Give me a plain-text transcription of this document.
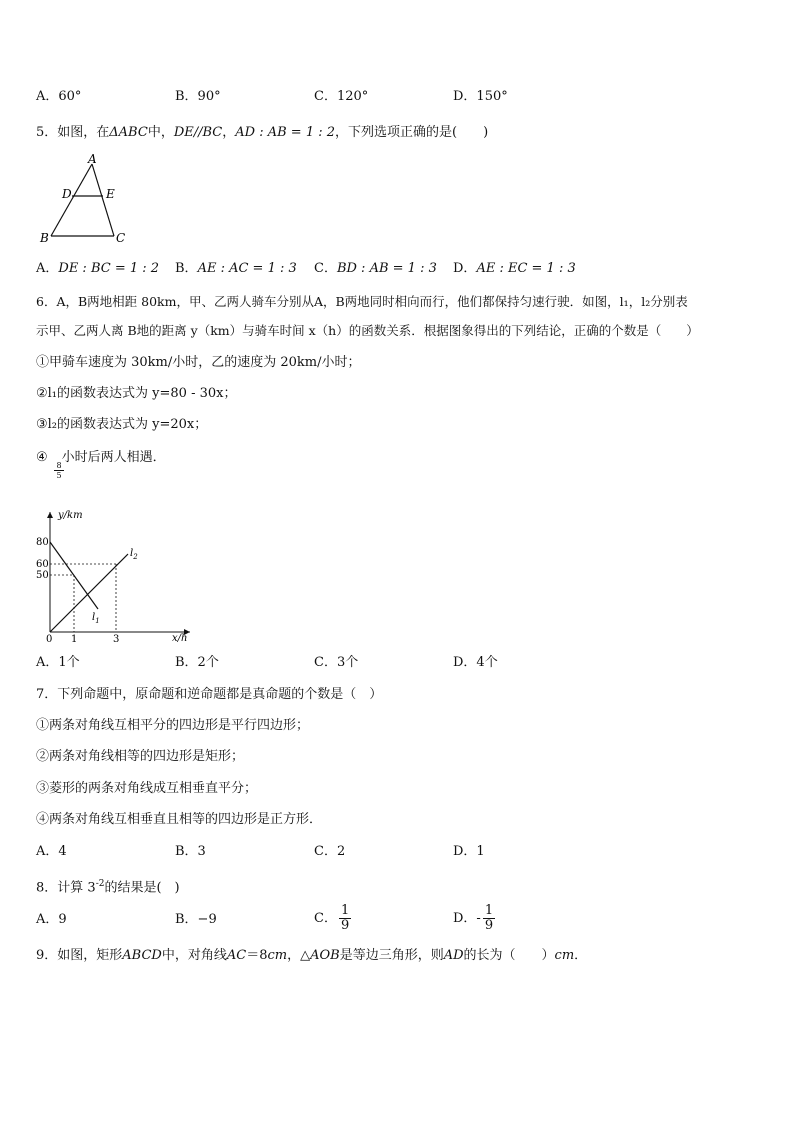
A．60°	B．90°	C．120°	D．150°
5．如图，在ΔABC中，DE//BC，AD : AB = 1 : 2，下列选项正确的是(　　)
A
D	E
B	C
A．DE : BC = 1 : 2 B．AE : AC = 1 : 3 C．BD : AB = 1 : 3 D．AE : EC = 1 : 3
6．A，B两地相距 80km，甲、乙两人骑车分别从A，B两地同时相向而行，他们都保持匀速行驶．如图，l₁，l₂分别表
示甲、乙两人离 B地的距离 y（km）与骑车时间 x（h）的函数关系．根据图象得出的下列结论，正确的个数是（　　）
①甲骑车速度为 30km/小时，乙的速度为 20km/小时；
②l₁的函数表达式为 y=80 - 30x；
③l₂的函数表达式为 y=20x；
④ 小时后两人相遇．
8
5
y/km
x/h
80
60
50
0 1	3
$l_1$
$l_2$
A．1个	B．2个	C．3个	D．4个
7．下列命题中，原命题和逆命题都是真命题的个数是（　）
①两条对角线互相平分的四边形是平行四边形；
②两条对角线相等的四边形是矩形；
③菱形的两条对角线成互相垂直平分；
④两条对角线互相垂直且相等的四边形是正方形．
A．4	B．3	C．2	D．1
8．计算 $3^{-2}$的结果是(　)
A．9	B．−9	C． $\frac{1}{9}$	D．- $\frac{1}{9}$
9．如图，矩形ABCD中，对角线AC＝8cm，△AOB是等边三角形，则AD的长为（　　）cm．
